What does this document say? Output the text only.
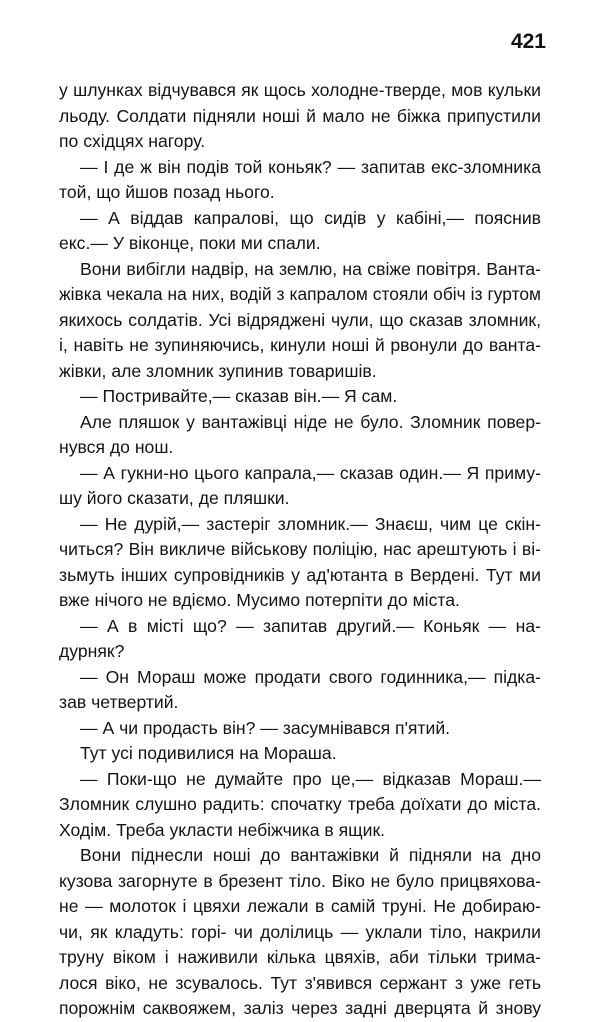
421
у шлунках відчувався як щось холодне-тверде, мов кульки
льоду. Солдати підняли ноші й мало не біжка припустили
по східцях нагору.
— І де ж він подів той коньяк? — запитав екс-зломника
той, що йшов позад нього.
— А віддав капралові, що сидів у кабіні,— пояснив
екс.— У віконце, поки ми спали.
Вони вибігли надвір, на землю, на свіже повітря. Ванта-
жівка чекала на них, водій з капралом стояли обіч із гуртом
якихось солдатів. Усі відряджені чули, що сказав зломник,
і, навіть не зупиняючись, кинули ноші й рвонули до ванта-
жівки, але зломник зупинив товаришів.
— Постривайте,— сказав він.— Я сам.
Але пляшок у вантажівці ніде не було. Зломник повер-
нувся до нош.
— А гукни-но цього капрала,— сказав один.— Я приму-
шу його сказати, де пляшки.
— Не дурій,— застеріг зломник.— Знаєш, чим це скін-
читься? Він викличе військову поліцію, нас арештують і ві-
зьмуть інших супровідників у ад'ютанта в Вердені. Тут ми
вже нічого не вдіємо. Мусимо потерпіти до міста.
— А в місті що? — запитав другий.— Коньяк — на-
дурняк?
— Он Мораш може продати свого годинника,— підка-
зав четвертий.
— А чи продасть він? — засумнівався п'ятий.
Тут усі подивилися на Мораша.
— Поки-що не думайте про це,— відказав Мораш.—
Зломник слушно радить: спочатку треба доїхати до міста.
Ходім. Треба укласти небіжчика в ящик.
Вони піднесли ноші до вантажівки й підняли на дно
кузова загорнуте в брезент тіло. Віко не було прицвяхова-
не — молоток і цвяхи лежали в самій труні. Не добираю-
чи, як кладуть: горі- чи долілиць — уклали тіло, накрили
труну віком і наживили кілька цвяхів, аби тільки трима-
лося віко, не зсувалось. Тут з'явився сержант з уже геть
порожнім саквояжем, заліз через задні дверцята й знову
